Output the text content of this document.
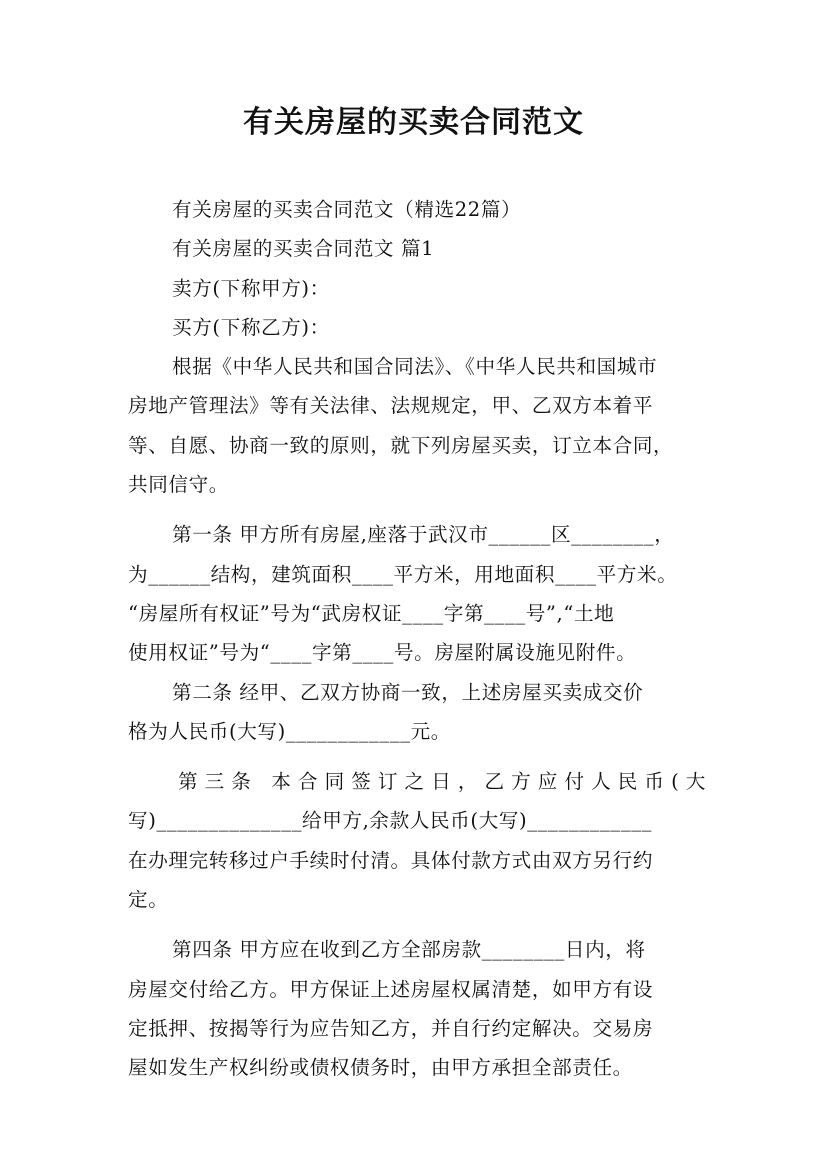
有关房屋的买卖合同范文
有关房屋的买卖合同范文（精选22篇）
有关房屋的买卖合同范文 篇1
卖方(下称甲方)：
买方(下称乙方)：
根据《中华人民共和国合同法》、《中华人民共和国城市
房地产管理法》等有关法律、法规规定，甲、乙双方本着平
等、自愿、协商一致的原则，就下列房屋买卖，订立本合同，
共同信守。
第一条 甲方所有房屋,座落于武汉市______区________，
为______结构，建筑面积____平方米，用地面积____平方米。
“房屋所有权证”号为“武房权证____字第____号”,“土地
使用权证”号为“____字第____号。房屋附属设施见附件。
第二条 经甲、乙双方协商一致，上述房屋买卖成交价
格为人民币(大写)____________元。
第三条 本合同签订之日，乙方应付人民币(大
写)______________给甲方,余款人民币(大写)____________
在办理完转移过户手续时付清。具体付款方式由双方另行约
定。
第四条 甲方应在收到乙方全部房款________日内，将
房屋交付给乙方。甲方保证上述房屋权属清楚，如甲方有设
定抵押、按揭等行为应告知乙方，并自行约定解决。交易房
屋如发生产权纠纷或债权债务时，由甲方承担全部责任。
